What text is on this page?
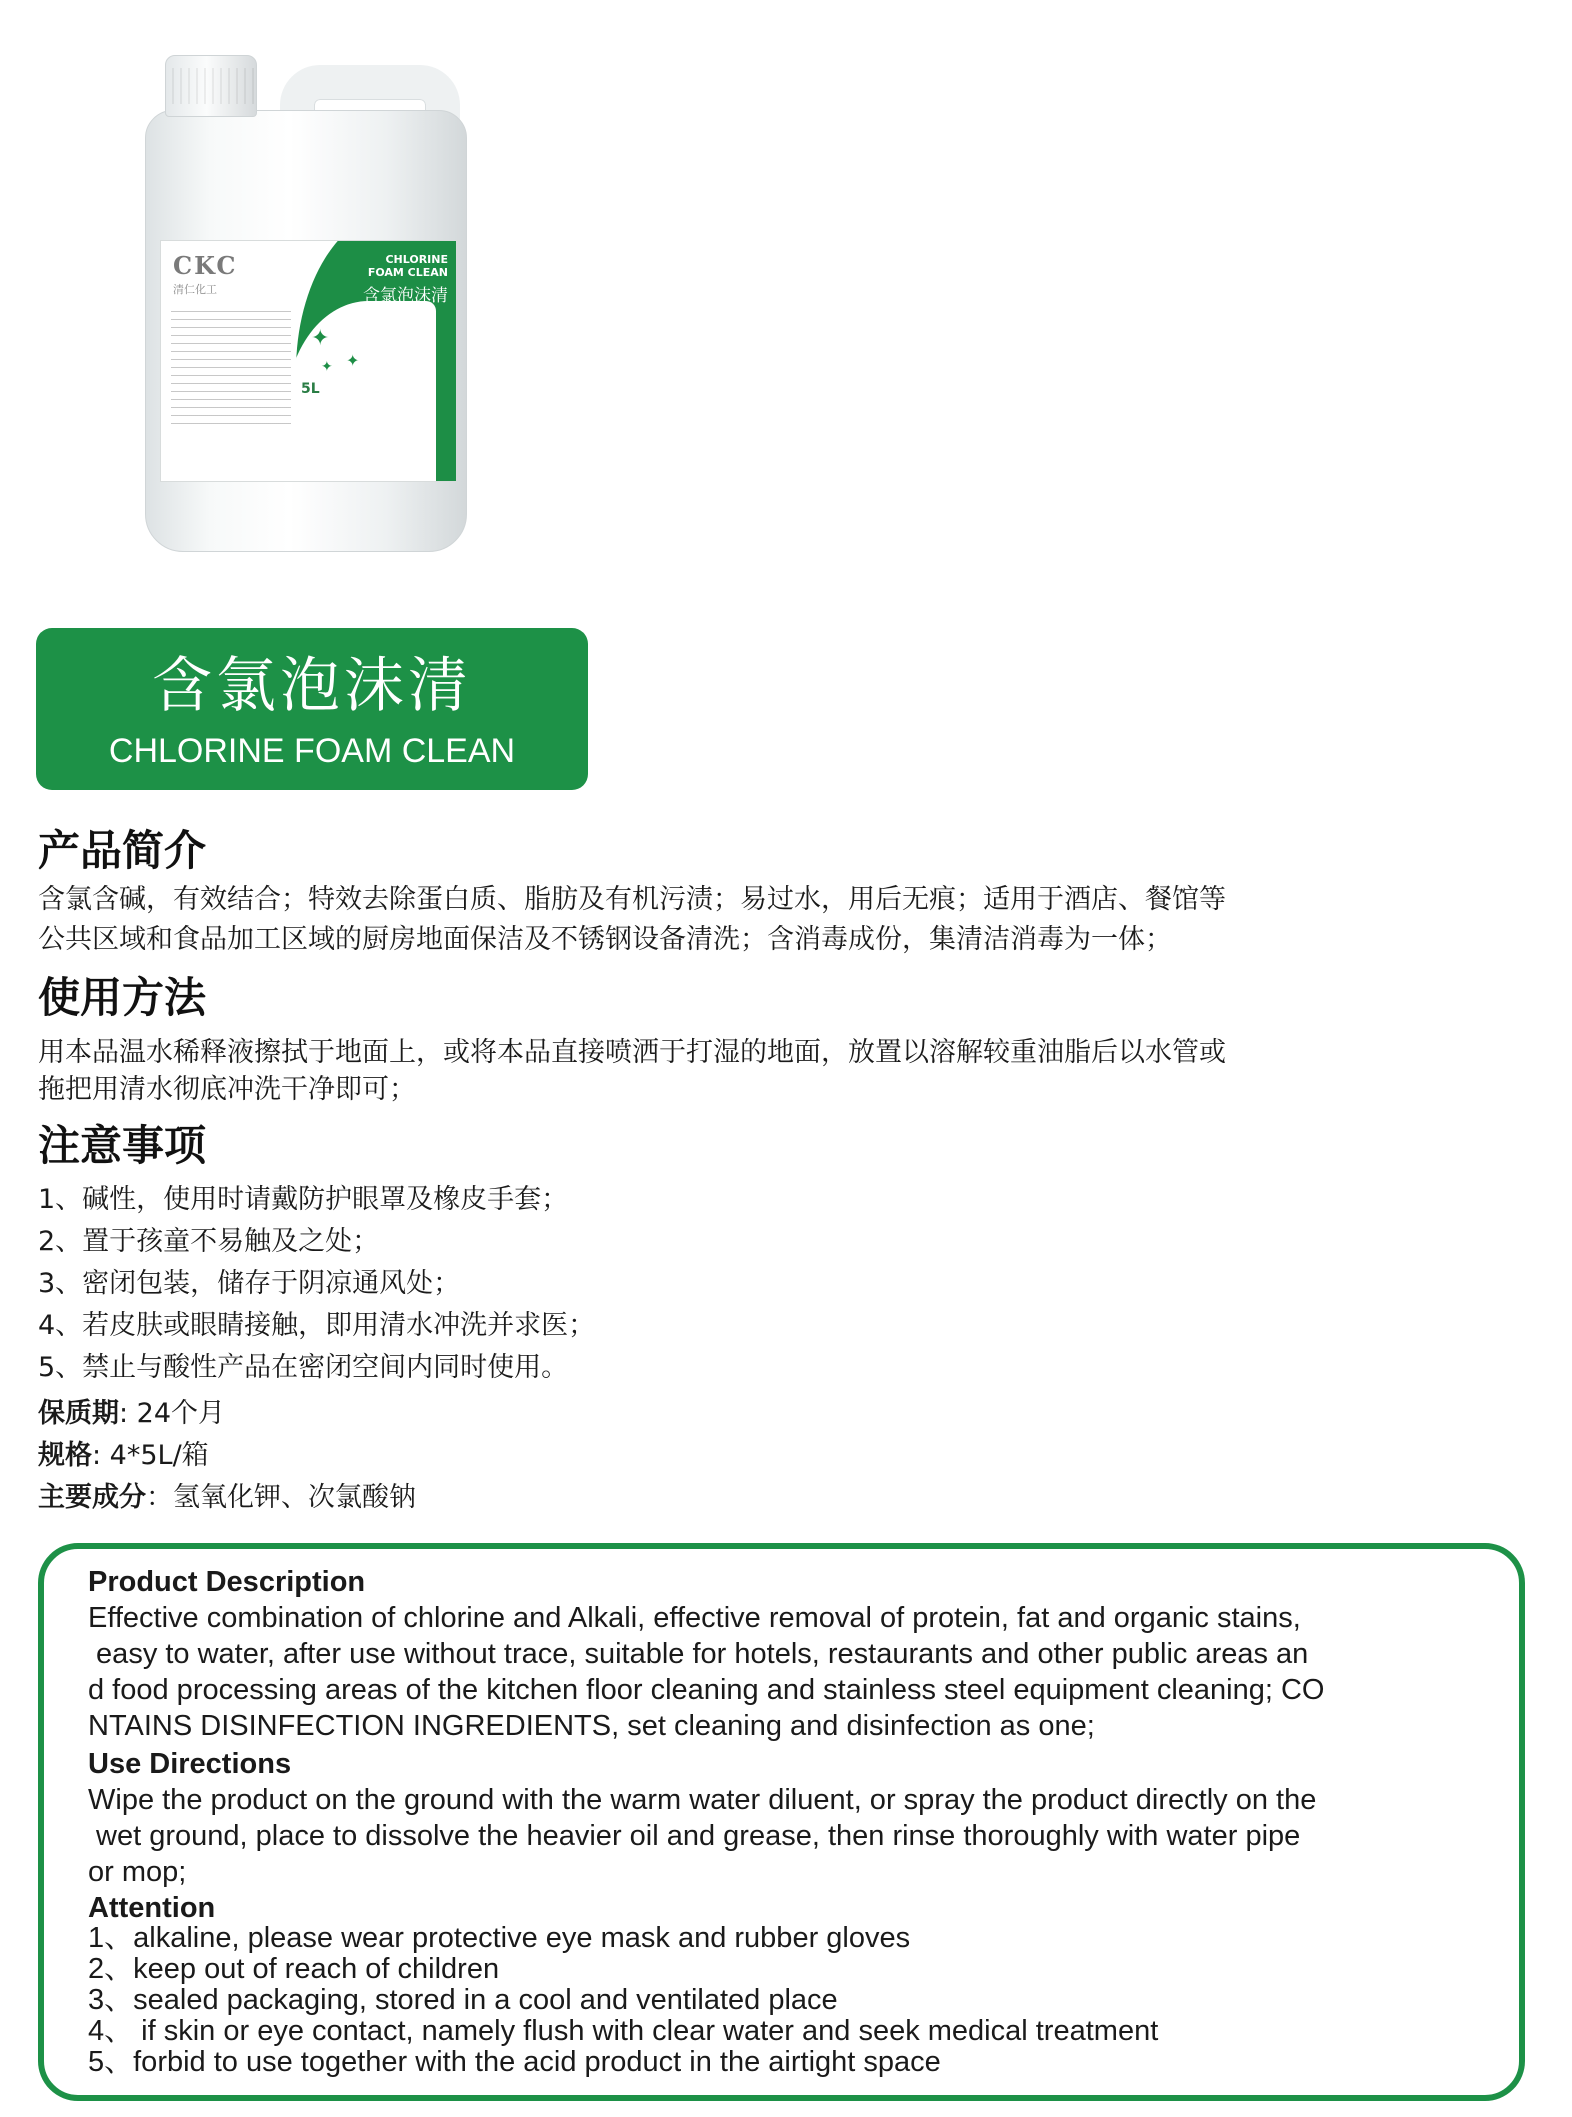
CKC
清仁化工
CHLORINE
FOAM CLEAN
含氯泡沫清
5L
✦
✦
✦
含氯泡沫清
CHLORINE FOAM CLEAN
产品简介

含氯含碱，有效结合；特效去除蛋白质、脂肪及有机污渍；易过水，用后无痕；适用于酒店、餐馆等

公共区域和食品加工区域的厨房地面保洁及不锈钢设备清洗；含消毒成份，集清洁消毒为一体；

使用方法

用本品温水稀释液擦拭于地面上，或将本品直接喷洒于打湿的地面，放置以溶解较重油脂后以水管或

拖把用清水彻底冲洗干净即可；

注意事项

1、碱性，使用时请戴防护眼罩及橡皮手套；

2、置于孩童不易触及之处；

3、密闭包装，储存于阴凉通风处；

4、若皮肤或眼睛接触，即用清水冲洗并求医；

5、禁止与酸性产品在密闭空间内同时使用。

保质期: 24个月

规格: 4*5L/箱

主要成分：氢氧化钾、次氯酸钠

Product Description

Effective combination of chlorine and Alkali, effective removal of protein, fat and organic stains,

easy to water, after use without trace, suitable for hotels, restaurants and other public areas an

d food processing areas of the kitchen floor cleaning and stainless steel equipment cleaning; CO

NTAINS DISINFECTION INGREDIENTS, set cleaning and disinfection as one;

Use Directions

Wipe the product on the ground with the warm water diluent, or spray the product directly on the

wet ground, place to dissolve the heavier oil and grease, then rinse thoroughly with water pipe

or mop;

Attention

1、alkaline, please wear protective eye mask and rubber gloves

2、keep out of reach of children

3、sealed packaging, stored in a cool and ventilated place

4、 if skin or eye contact, namely flush with clear water and seek medical treatment

5、forbid to use together with the acid product in the airtight space
